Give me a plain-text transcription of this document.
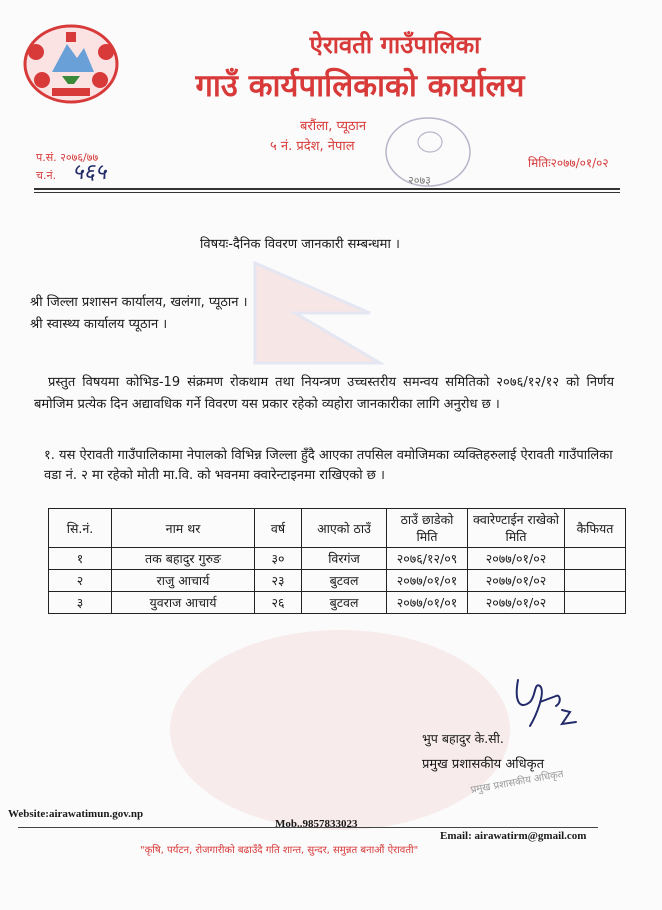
ऐरावती गाउँपालिका
गाउँ कार्यपालिकाको कार्यालय
बरौंला, प्यूठान
५ नं. प्रदेश, नेपाल
२०७३
प.सं. २०७६/७७
च.नं. ५६५	मितिः२०७७/०१/०२
विषयः-दैनिक विवरण जानकारी सम्बन्धमा ।
श्री जिल्ला प्रशासन कार्यालय, खलंगा, प्यूठान ।
श्री स्वास्थ्य कार्यालय प्यूठान ।
प्रस्तुत विषयमा कोभिड-19 संक्रमण रोकथाम तथा नियन्त्रण उच्चस्तरीय समन्वय समितिको २०७६/१२/१२ को निर्णय बमोजिम प्रत्येक दिन अद्यावधिक गर्ने विवरण यस प्रकार रहेको व्यहोरा जानकारीका लागि अनुरोध छ ।
१. यस ऐरावती गाउँपालिकामा नेपालको विभिन्न जिल्ला हुँदै आएका तपसिल वमोजिमका व्यक्तिहरुलाई ऐरावती गाउँपालिका वडा नं. २ मा रहेको मोती मा.वि. को भवनमा क्वारेन्टाइनमा राखिएको छ ।
सि.नं.	नाम थर	वर्ष	आएको ठाउँ	ठाउँ छाडेको मिति	क्वारेण्टाईन राखेको मिति	कैफियत
१	तक बहादुर गुरुङ	३०	विरगंज	२०७६/१२/०९	२०७७/०१/०२	
२	राजु आचार्य	२३	बुटवल	२०७७/०१/०१	२०७७/०१/०२	
३	युवराज आचार्य	२६	बुटवल	२०७७/०१/०१	२०७७/०१/०२	
भुप बहादुर के.सी.
प्रमुख प्रशासकीय अधिकृत
प्रमुख प्रशासकीय अधिकृत
Website:airawatimun.gov.np
Mob..9857833023
Email: airawatirm@gmail.com
"कृषि, पर्यटन, रोजगारीको बढाउँदै गति शान्त, सुन्दर, समुन्नत बनाऔं ऐरावती"
